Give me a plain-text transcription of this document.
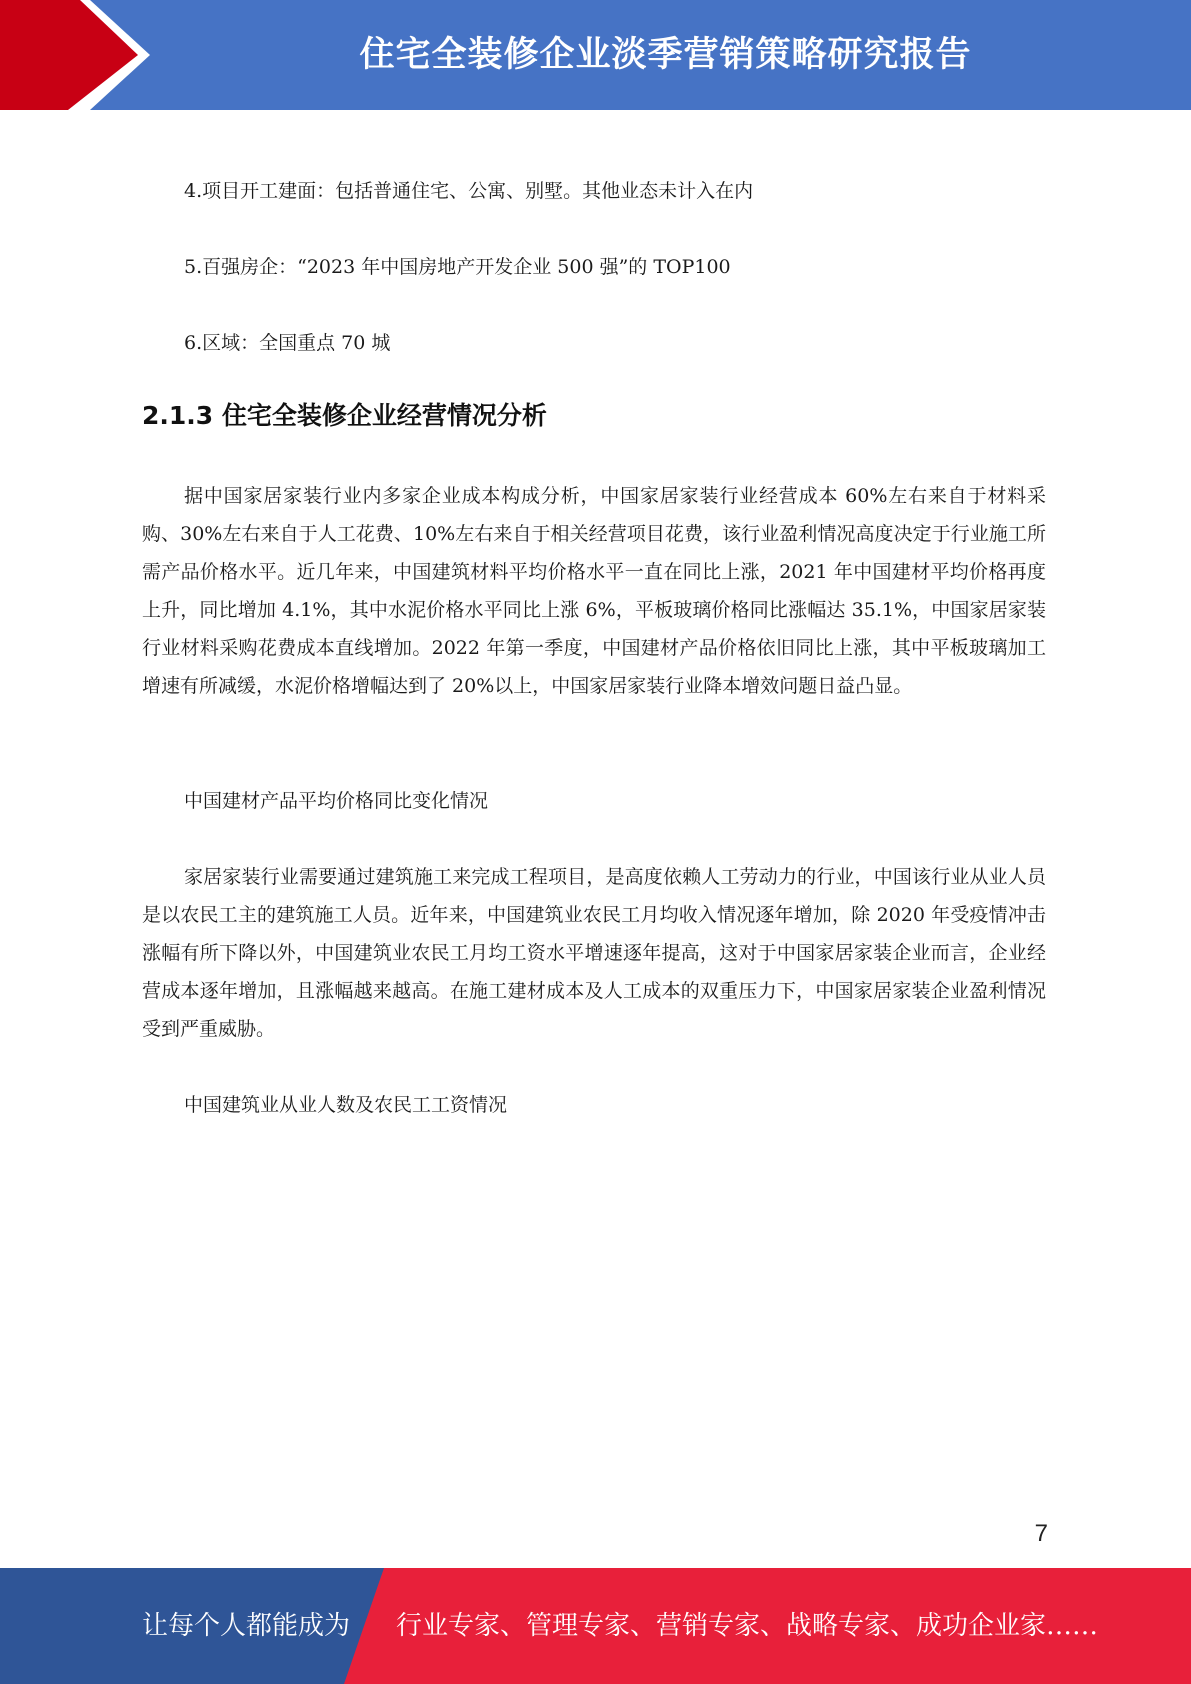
住宅全装修企业淡季营销策略研究报告
4.项目开工建面：包括普通住宅、公寓、别墅。其他业态未计入在内
5.百强房企：“2023 年中国房地产开发企业 500 强”的 TOP100
6.区域：全国重点 70 城
2.1.3 住宅全装修企业经营情况分析
据中国家居家装行业内多家企业成本构成分析，中国家居家装行业经营成本 60%左右来自于材料采购、30%左右来自于人工花费、10%左右来自于相关经营项目花费，该行业盈利情况高度决定于行业施工所需产品价格水平。近几年来，中国建筑材料平均价格水平一直在同比上涨，2021 年中国建材平均价格再度上升，同比增加 4.1%，其中水泥价格水平同比上涨 6%，平板玻璃价格同比涨幅达 35.1%，中国家居家装行业材料采购花费成本直线增加。2022 年第一季度，中国建材产品价格依旧同比上涨，其中平板玻璃加工增速有所减缓，水泥价格增幅达到了 20%以上，中国家居家装行业降本增效问题日益凸显。
中国建材产品平均价格同比变化情况
家居家装行业需要通过建筑施工来完成工程项目，是高度依赖人工劳动力的行业，中国该行业从业人员是以农民工主的建筑施工人员。近年来，中国建筑业农民工月均收入情况逐年增加，除 2020 年受疫情冲击涨幅有所下降以外，中国建筑业农民工月均工资水平增速逐年提高，这对于中国家居家装企业而言，企业经营成本逐年增加，且涨幅越来越高。在施工建材成本及人工成本的双重压力下，中国家居家装企业盈利情况受到严重威胁。
中国建筑业从业人数及农民工工资情况
7
让每个人都能成为 行业专家、管理专家、营销专家、战略专家、成功企业家……
